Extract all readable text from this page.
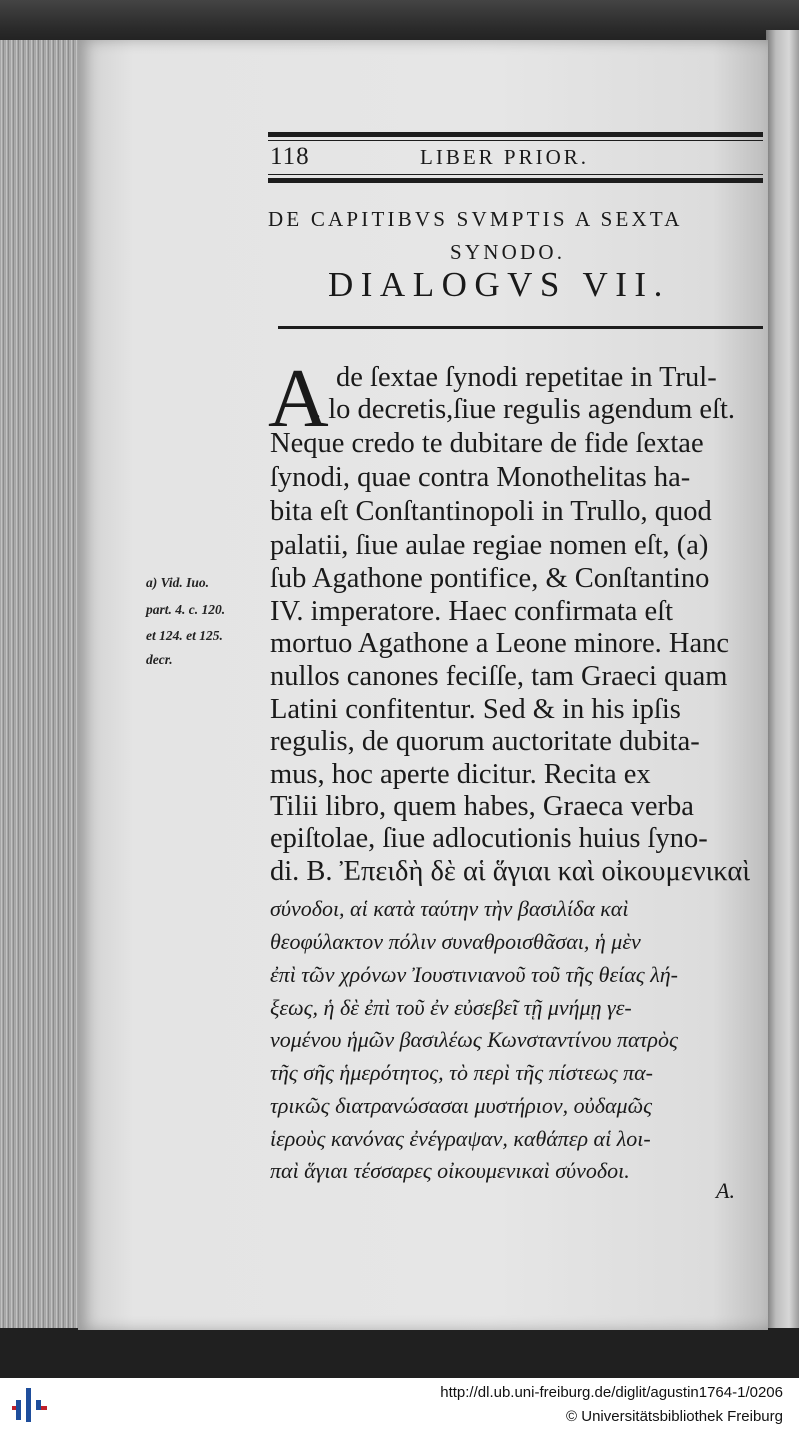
118	LIBER PRIOR.
DE CAPITIBVS SVMPTIS A SEXTA
SYNODO.
DIALOGVS VII.
A de ſextae ſynodi repetitae in Trul-
. lo decretis,ſiue regulis agendum eſt.
Neque credo te dubitare de fide ſextae
ſynodi, quae contra Monothelitas ha-
bita eſt Conſtantinopoli in Trullo, quod
palatii, ſiue aulae regiae nomen eſt, (a)
ſub Agathone pontifice, & Conſtantino
IV. imperatore. Haec confirmata eſt
mortuo Agathone a Leone minore. Hanc
nullos canones feciſſe, tam Graeci quam
Latini confitentur. Sed & in his ipſis
regulis, de quorum auctoritate dubita-
mus, hoc aperte dicitur. Recita ex
Tilii libro, quem habes, Graeca verba
epiſtolae, ſiue adlocutionis huius ſyno-
di. B. Ἐπειδὴ δὲ αἱ ἅγιαι καὶ οἰκουμενικαὶ
σύνοδοι, αἱ κατὰ ταύτην τὴν βασιλίδα καὶ
θεοφύλακτον πόλιν συναθροισθᾶσαι, ἡ μὲν
ἐπὶ τῶν χρόνων Ἰουστινιανοῦ τοῦ τῆς θείας λή-
ξεως, ἡ δὲ ἐπὶ τοῦ ἐν εὐσεβεῖ τῇ μνήμῃ γε-
νομένου ἡμῶν βασιλέως Κωνσταντίνου πατρὸς
τῆς σῆς ἡμερότητος, τὸ περὶ τῆς πίστεως πα-
τρικῶς διατρανώσασαι μυστήριον, οὐδαμῶς
ἱεροὺς κανόνας ἐνέγραψαν, καθάπερ αἱ λοι-
παὶ ἅγιαι τέσσαρες οἰκουμενικαὶ σύνοδοι.
A.
a) Vid. Iuo.
part. 4. c. 120.
et 124. et 125.
decr.
http://dl.ub.uni-freiburg.de/diglit/agustin1764-1/0206
© Universitätsbibliothek Freiburg
